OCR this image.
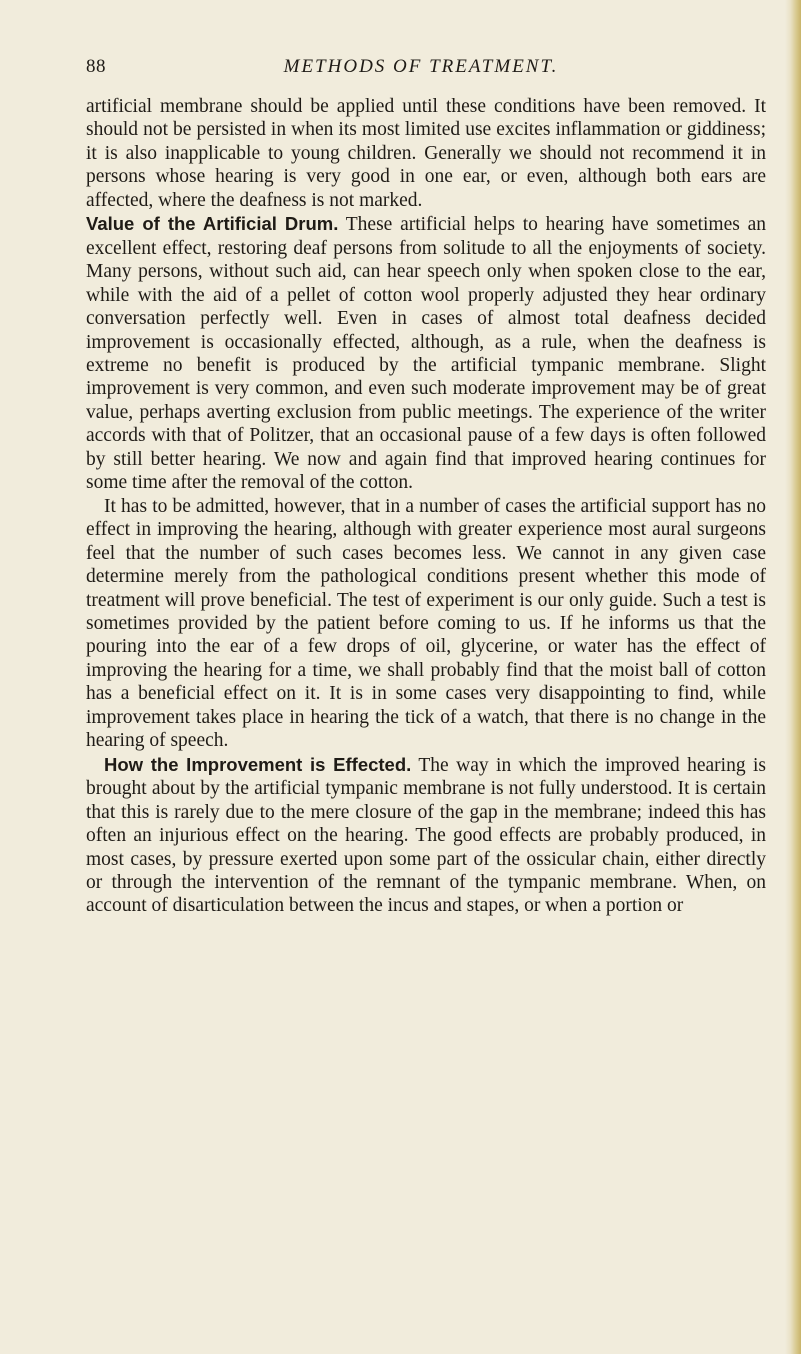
88	METHODS OF TREATMENT.

artificial membrane should be applied until these conditions have been removed. It should not be persisted in when its most limited use excites inflammation or giddiness; it is also inapplicable to young children. Generally we should not recommend it in persons whose hearing is very good in one ear, or even, although both ears are affected, where the deafness is not marked.

Value of the Artificial Drum. These artificial helps to hearing have sometimes an excellent effect, restoring deaf persons from solitude to all the enjoyments of society. Many persons, without such aid, can hear speech only when spoken close to the ear, while with the aid of a pellet of cotton wool properly adjusted they hear ordinary conversation perfectly well. Even in cases of almost total deafness decided improvement is occasionally effected, although, as a rule, when the deafness is extreme no benefit is produced by the artificial tympanic membrane. Slight improvement is very common, and even such moderate improvement may be of great value, perhaps averting exclusion from public meetings. The experience of the writer accords with that of Politzer, that an occasional pause of a few days is often followed by still better hearing. We now and again find that improved hearing continues for some time after the removal of the cotton.

It has to be admitted, however, that in a number of cases the artificial support has no effect in improving the hearing, although with greater experience most aural surgeons feel that the number of such cases becomes less. We cannot in any given case determine merely from the pathological conditions present whether this mode of treatment will prove beneficial. The test of experiment is our only guide. Such a test is sometimes provided by the patient before coming to us. If he informs us that the pouring into the ear of a few drops of oil, glycerine, or water has the effect of improving the hearing for a time, we shall probably find that the moist ball of cotton has a beneficial effect on it. It is in some cases very disappointing to find, while improvement takes place in hearing the tick of a watch, that there is no change in the hearing of speech.

How the Improvement is Effected. The way in which the improved hearing is brought about by the artificial tympanic membrane is not fully understood. It is certain that this is rarely due to the mere closure of the gap in the membrane; indeed this has often an injurious effect on the hearing. The good effects are probably produced, in most cases, by pressure exerted upon some part of the ossicular chain, either directly or through the intervention of the remnant of the tympanic membrane. When, on account of disarticulation between the incus and stapes, or when a portion or
